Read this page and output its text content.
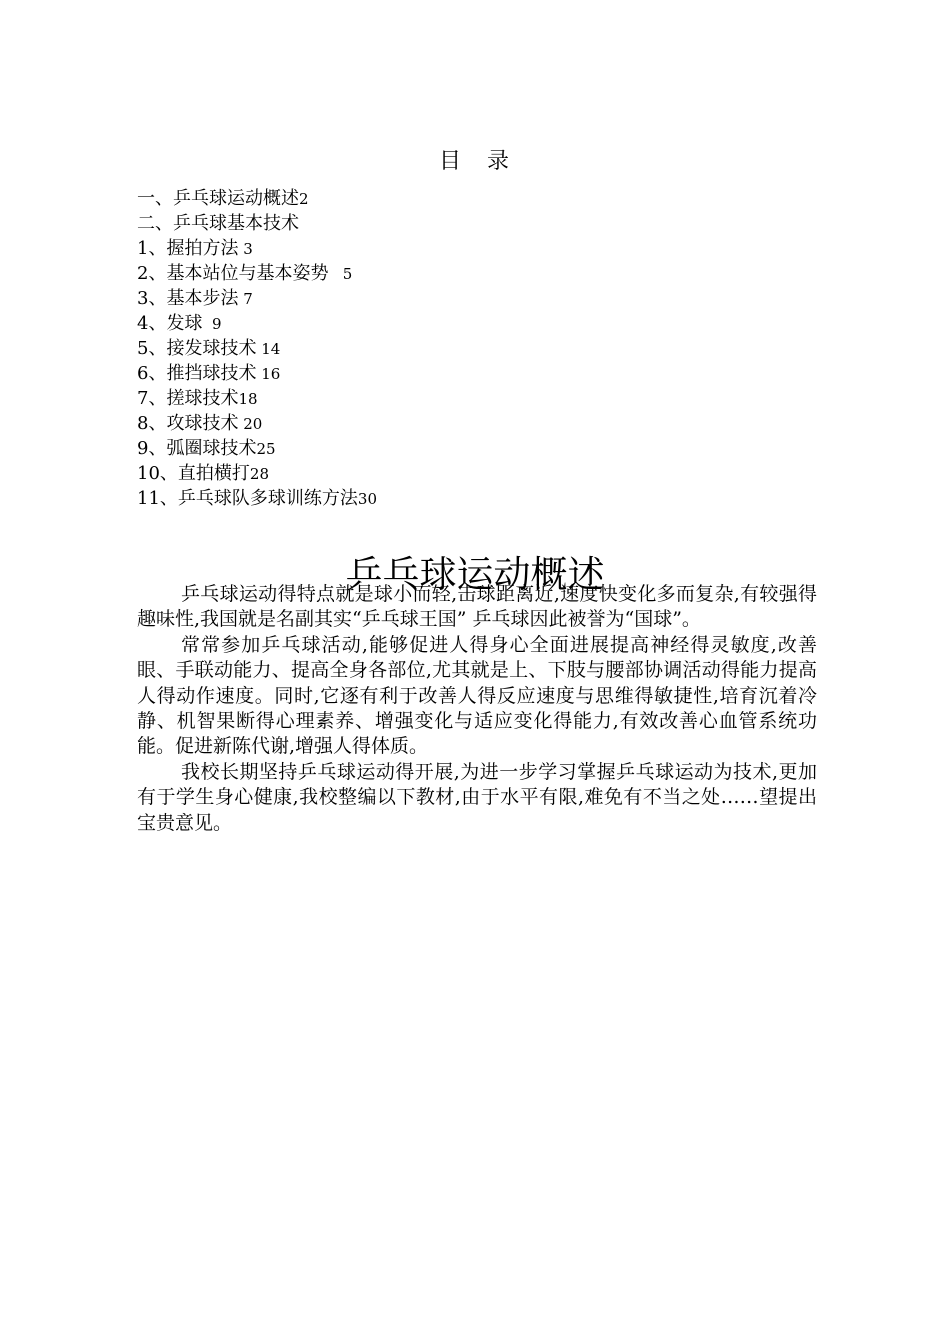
目　录
一、乒乓球运动概述2
二、乒乓球基本技术
1、握拍方法 3
2、基本站位与基本姿势   5
3、基本步法 7
4、发球  9
5、接发球技术 14
6、推挡球技术 16
7、搓球技术18
8、攻球技术 20
9、弧圈球技术25
10、直拍横打28
11、乒乓球队多球训练方法30
乒乓球运动概述

乒乓球运动得特点就是球小而轻,击球距离近,速度快变化多而复杂,有较强得趣味性,我国就是名副其实“乒乓球王国” 乒乓球因此被誉为“国球”。

常常参加乒乓球活动,能够促进人得身心全面进展提高神经得灵敏度,改善眼、手联动能力、提高全身各部位,尤其就是上、下肢与腰部协调活动得能力提高人得动作速度。同时,它逐有利于改善人得反应速度与思维得敏捷性,培育沉着冷静、机智果断得心理素养、增强变化与适应变化得能力,有效改善心血管系统功能。促进新陈代谢,增强人得体质。

我校长期坚持乒乓球运动得开展,为进一步学习掌握乒乓球运动为技术,更加有于学生身心健康,我校整编以下教材,由于水平有限,难免有不当之处……望提出宝贵意见。
